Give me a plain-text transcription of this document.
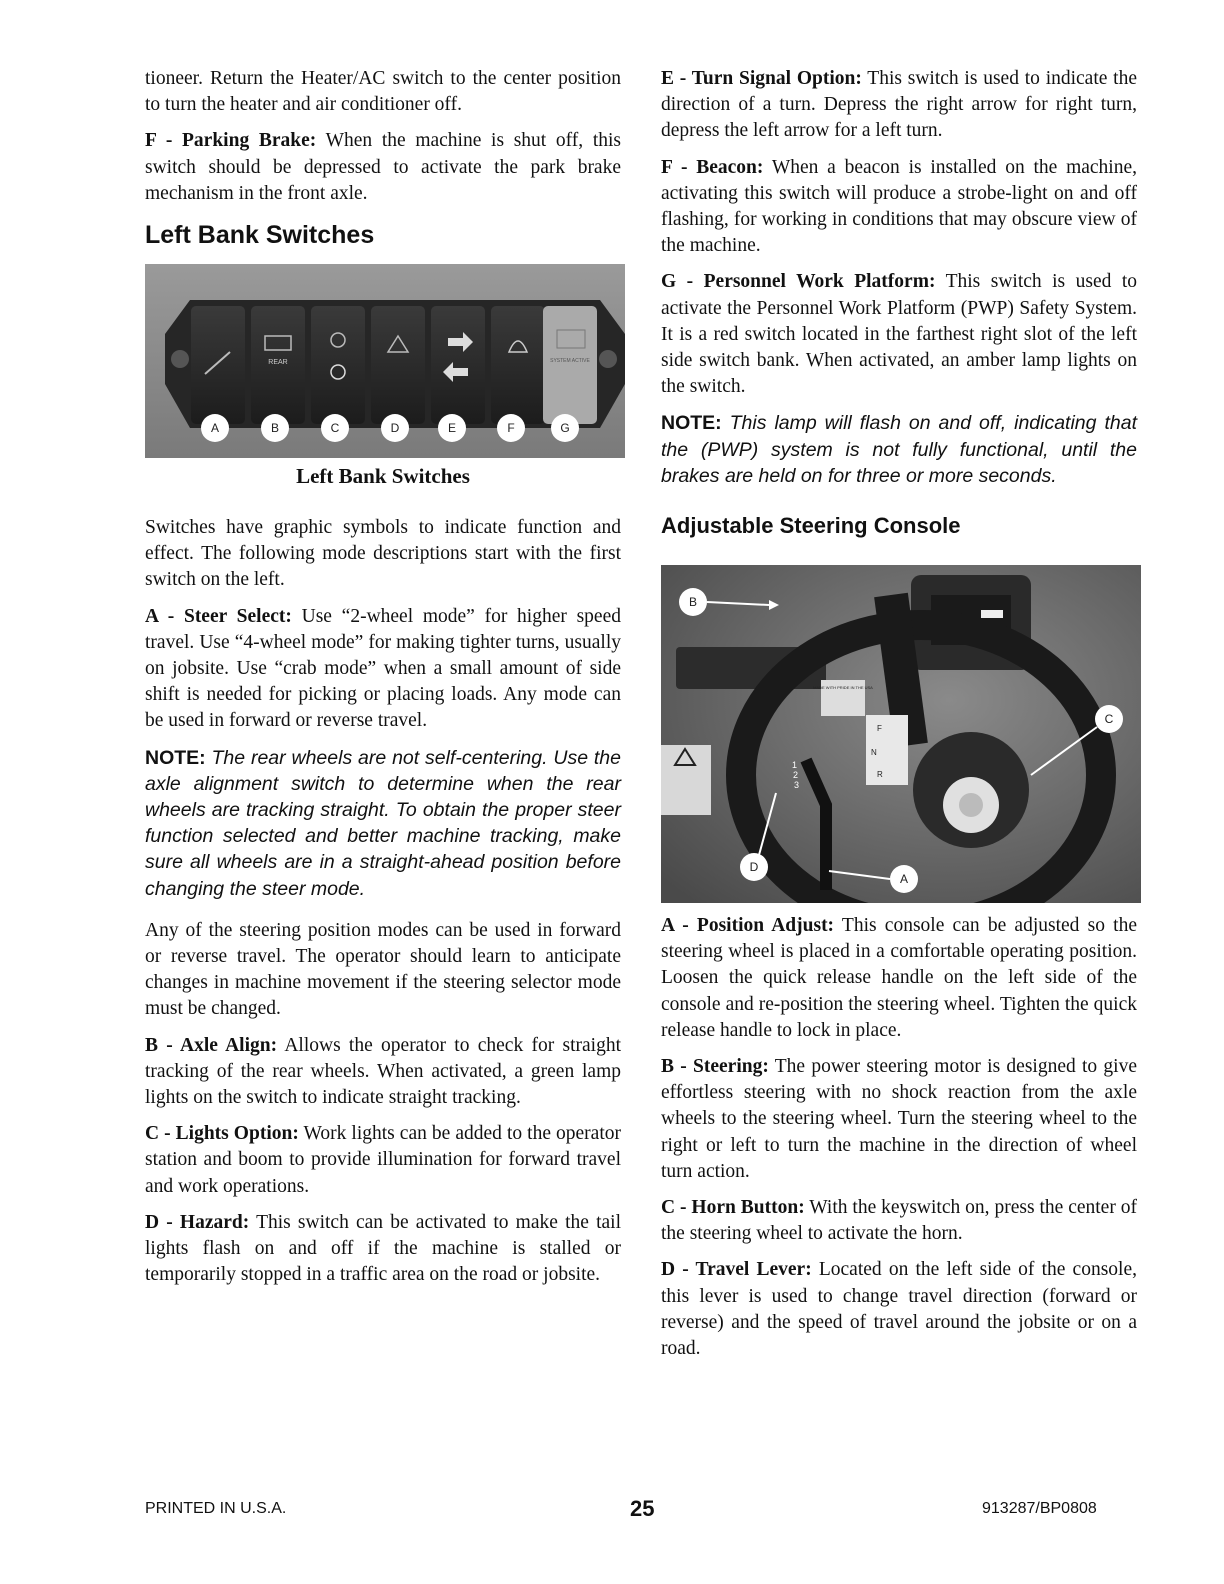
tioneer. Return the Heater/AC switch to the center position to turn the heater and air conditioner off.

F - Parking Brake: When the machine is shut off, this switch should be depressed to activate the park brake mechanism in the front axle.

Left Bank Switches
A	B	C	D	E	F	G
REAR	SYSTEM ACTIVE

Left Bank Switches

Switches have graphic symbols to indicate function and effect. The following mode descriptions start with the first switch on the left.

A - Steer Select: Use “2-wheel mode” for higher speed travel. Use “4-wheel mode” for making tighter turns, usually on jobsite. Use “crab mode” when a small amount of side shift is needed for picking or placing loads. Any mode can be used in forward or reverse travel.

NOTE: The rear wheels are not self-centering. Use the axle alignment switch to determine when the rear wheels are tracking straight. To obtain the proper steer function selected and better machine tracking, make sure all wheels are in a straight-ahead position before changing the steer mode.

Any of the steering position modes can be used in forward or reverse travel. The operator should learn to anticipate changes in machine movement if the steering selector mode must be changed.

B - Axle Align: Allows the operator to check for straight tracking of the rear wheels. When activated, a green lamp lights on the switch to indicate straight tracking.

C - Lights Option: Work lights can be added to the operator station and boom to provide illumination for forward travel and work operations.

D - Hazard: This switch can be activated to make the tail lights flash on and off if the machine is stalled or temporarily stopped in a traffic area on the road or jobsite.

E - Turn Signal Option: This switch is used to indicate the direction of a turn. Depress the right arrow for right turn, depress the left arrow for a left turn.

F - Beacon: When a beacon is installed on the machine, activating this switch will produce a strobe-light on and off flashing, for working in conditions that may obscure view of the machine.

G - Personnel Work Platform: This switch is used to activate the Personnel Work Platform (PWP) Safety System. It is a red switch located in the farthest right slot of the left side switch bank. When activated, an amber lamp lights on the switch.

NOTE: This lamp will flash on and off, indicating that the (PWP) system is not fully functional, until the brakes are held on for three or more seconds.

Adjustable Steering Console
F
N
R
MADE WITH PRIDE IN THE USA
1
2
3
B
C
D
A

A - Position Adjust: This console can be adjusted so the steering wheel is placed in a comfortable operating position. Loosen the quick release handle on the left side of the console and re-position the steering wheel. Tighten the quick release handle to lock in place.

B - Steering: The power steering motor is designed to give effortless steering with no shock reaction from the axle wheels to the steering wheel. Turn the steering wheel to the right or left to turn the machine in the direction of wheel turn action.

C - Horn Button: With the keyswitch on, press the center of the steering wheel to activate the horn.

D - Travel Lever: Located on the left side of the console, this lever is used to change travel direction (forward or reverse) and the speed of travel around the jobsite or on a road.

PRINTED IN U.S.A.	25	913287/BP0808
